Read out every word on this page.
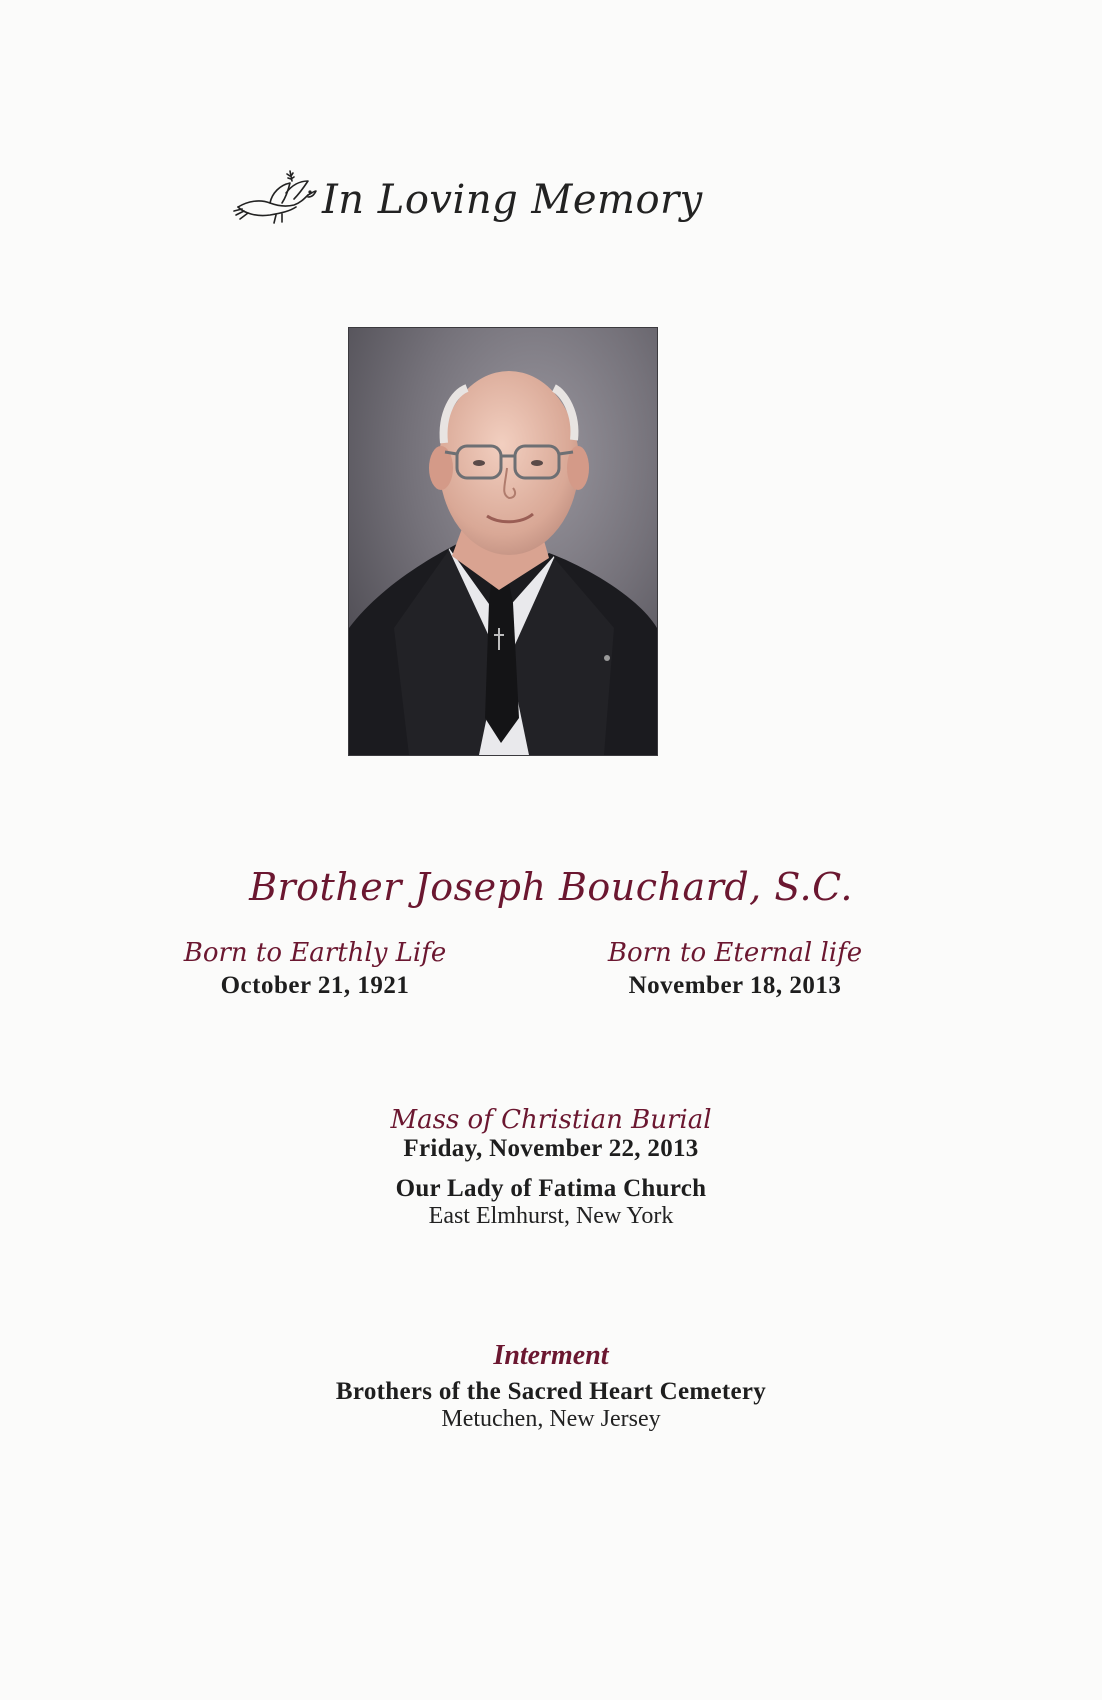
In Loving Memory
Brother Joseph Bouchard, S.C.
Born to Earthly Life
October 21, 1921
Born to Eternal life
November 18, 2013
Mass of Christian Burial
Friday, November 22, 2013
Our Lady of Fatima Church
East Elmhurst, New York
Interment
Brothers of the Sacred Heart Cemetery
Metuchen, New Jersey
